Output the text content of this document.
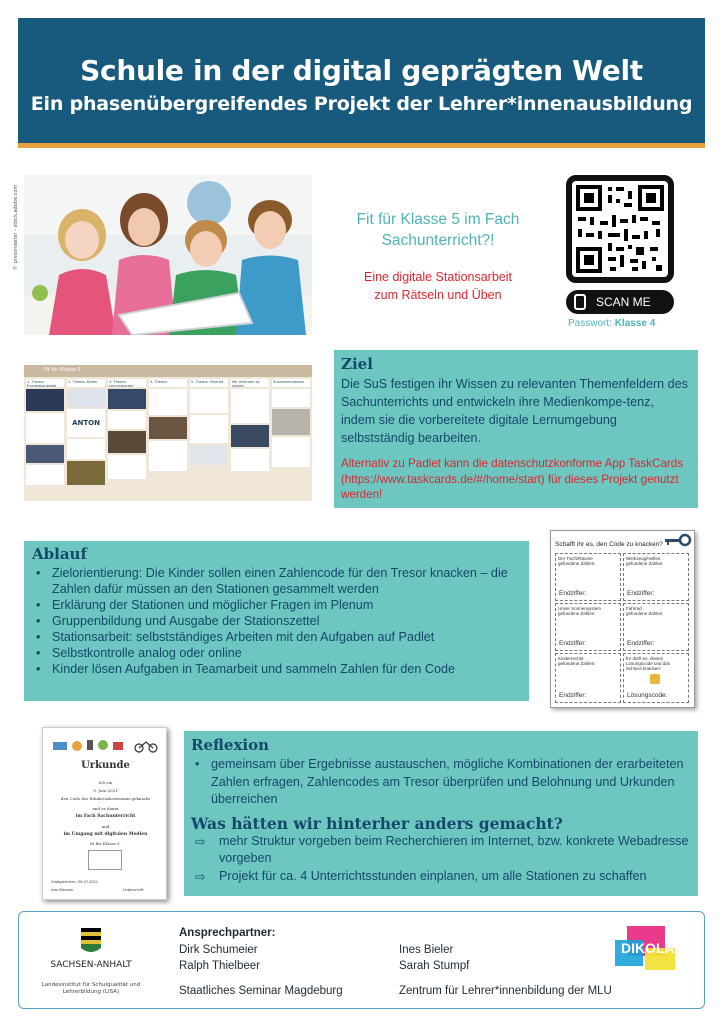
Schule in der digital geprägten Welt
Ein phasenübergreifendes Projekt der Lehrer*innenausbildung
© pressmaster - stock.adobe.com	Fit für Klasse 5 im Fach
Sachunterricht?!
Eine digitale Stationsarbeit
zum Rätseln und Üben	SCAN ME
Passwort: Klasse 4
Fit für Klasse 5
1. Thema: Energiekonzepte
2. Thema: Daten
ANTON
3. Thema: Lerncomputer
4. Thema:	5. Thema: Fahrrad	Wir möchten es wissen
Zusammenfassen
Ziel
Die SuS festigen ihr Wissen zu relevanten Themenfeldern des Sachunterrichts und entwickeln ihre Medienkompe-tenz, indem sie die vorbereitete digitale Lernumgebung selbstständig bearbeiten.
Alternativ zu Padlet kann die datenschutzkonforme App TaskCards (https://www.taskcards.de/#/home/start) für dieses Projekt genutzt werden!
Ablauf
• Zielorientierung: Die Kinder sollen einen Zahlencode für den Tresor knacken – die Zahlen dafür müssen an den Stationen gesammelt werden
• Erklärung der Stationen und möglicher Fragen im Plenum
• Gruppenbildung und Ausgabe der Stationszettel
• Stationsarbeit: selbstständiges Arbeiten mit den Aufgaben auf Padlet
• Selbstkontrolle analog oder online
• Kinder lösen Aufgaben in Teamarbeit und sammeln Zahlen für den Code
Schafft ihr es, den Code zu knacken?
Der Tisch/Räume
gefundene Zahlen:
Endziffer:
Werkzeug/Helfen
gefundene Zahlen:
Endziffer:
Unser Sonnensystem
gefundene Zahlen:
Endziffer:
Fahrrad
gefundene Zahlen:
Endziffer:
Kinderrechte
gefundene Zahlen:
Endziffer:
Ihr dürft es, dieses Lösungscode und das Schloss knacken:
Lösungscode:
Urkunde
Ich ein
9. Juni 2021
den Code des Edukreuzkostraums geknackt
und es damit
im Fach Sachunterricht
und
im Umgang mit digitalen Medien
fit für Klasse 5.
Großgierichen, 09.07.2021
Ines Bieusen	Unterschrift
Reflexion
• gemeinsam über Ergebnisse austauschen, mögliche Kombinationen der erarbeiteten Zahlen erfragen, Zahlencodes am Tresor überprüfen und Belohnung und Urkunden überreichen
Was hätten wir hinterher anders gemacht?
⇨ mehr Struktur vorgeben beim Recherchieren im Internet, bzw. konkrete Webadresse vorgeben
⇨ Projekt für ca. 4 Unterrichtsstunden einplanen, um alle Stationen zu schaffen
SACHSEN-ANHALT
Landesinstitut für Schulqualität und Lehrerbildung (LISA)
Ansprechpartner:
Dirk Schumeier
Ralph Thielbeer
Ines Bieler
Sarah Stumpf
Staatliches Seminar Magdeburg	Zentrum für Lehrer*innenbildung der MLU
DIKOLA
